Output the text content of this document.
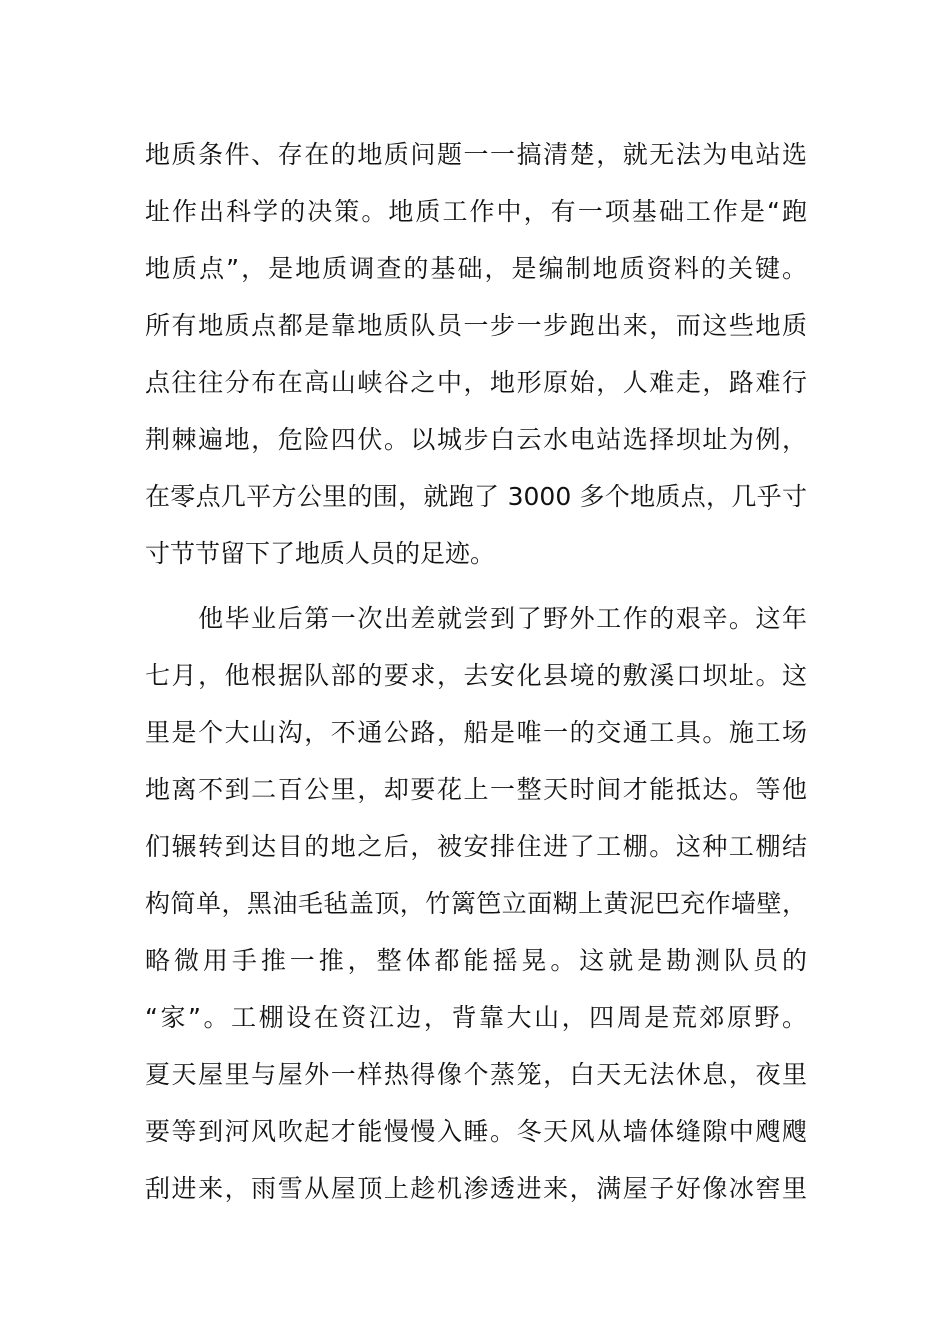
地质条件、存在的地质问题一一搞清楚，就无法为电站选
址作出科学的决策。地质工作中，有一项基础工作是“跑
地质点”，是地质调查的基础，是编制地质资料的关键。
所有地质点都是靠地质队员一步一步跑出来，而这些地质
点往往分布在高山峡谷之中，地形原始，人难走，路难行
荆棘遍地，危险四伏。以城步白云水电站选择坝址为例，
在零点几平方公里的围，就跑了 3000 多个地质点，几乎寸
寸节节留下了地质人员的足迹。
　　他毕业后第一次出差就尝到了野外工作的艰辛。这年
七月，他根据队部的要求，去安化县境的敷溪口坝址。这
里是个大山沟，不通公路，船是唯一的交通工具。施工场
地离不到二百公里，却要花上一整天时间才能抵达。等他
们辗转到达目的地之后，被安排住进了工棚。这种工棚结
构简单，黑油毛毡盖顶，竹篱笆立面糊上黄泥巴充作墙壁，
略微用手推一推，整体都能摇晃。这就是勘测队员的
“家”。工棚设在资江边，背靠大山，四周是荒郊原野。
夏天屋里与屋外一样热得像个蒸笼，白天无法休息，夜里
要等到河风吹起才能慢慢入睡。冬天风从墙体缝隙中飕飕
刮进来，雨雪从屋顶上趁机渗透进来，满屋子好像冰窖里
